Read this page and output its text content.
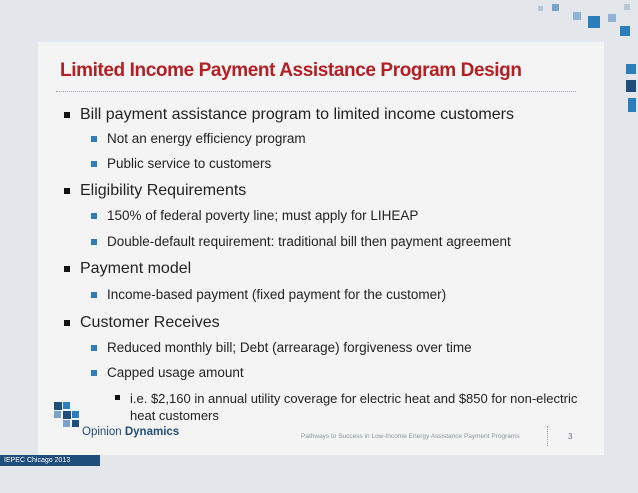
Limited Income Payment Assistance Program Design
Bill payment assistance program to limited income customers
Not an energy efficiency program
Public service to customers
Eligibility Requirements
150% of federal poverty line; must apply for LIHEAP
Double-default requirement: traditional bill then payment agreement
Payment model
Income-based payment (fixed payment for the customer)
Customer Receives
Reduced monthly bill; Debt (arrearage) forgiveness over time
Capped usage amount
i.e. $2,160 in annual utility coverage for electric heat and $850 for non-electric heat customers
Opinion Dynamics	Pathways to Success in Low-Income Energy Assistance Payment Programs	3
IEPEC Chicago 2013
